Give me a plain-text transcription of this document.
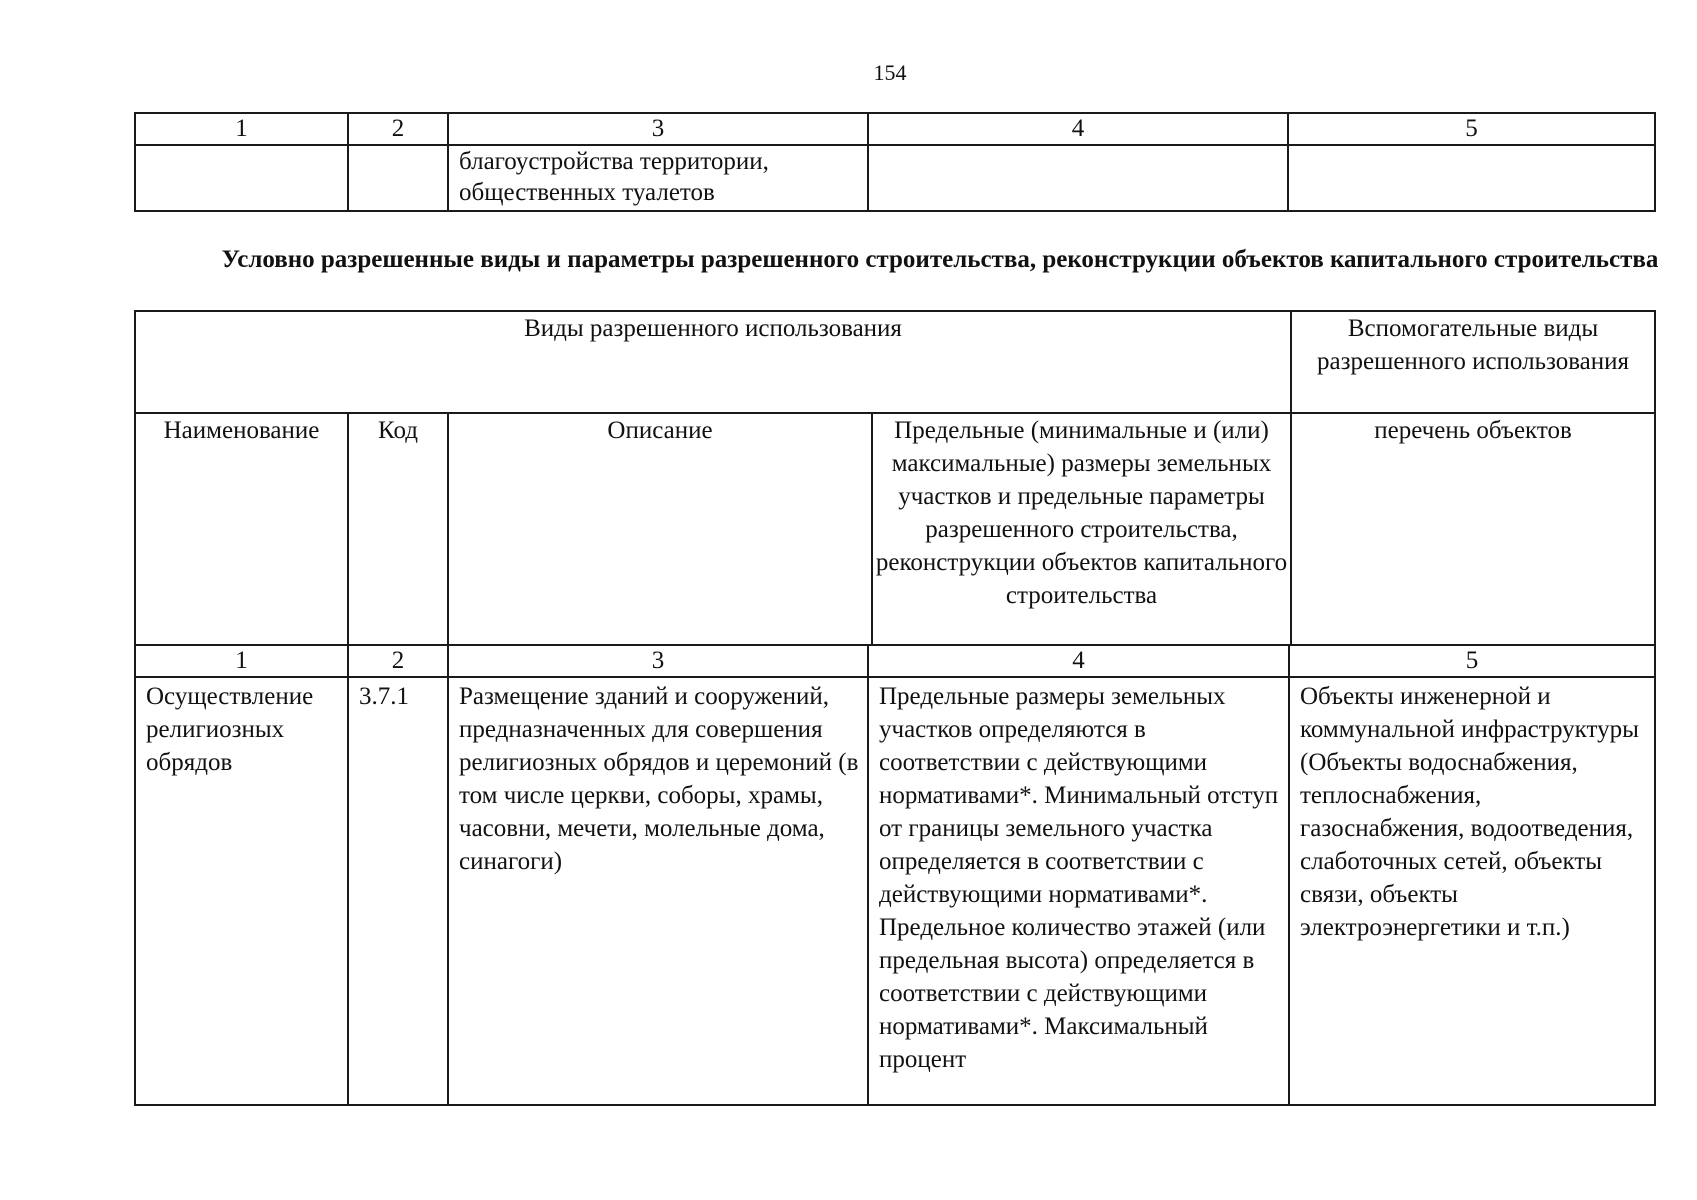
154
1	2	3	4	5
		благоустройства территории, общественных туалетов		
Условно разрешенные виды и параметры разрешенного строительства, реконструкции объектов капитального строительства
Виды разрешенного использования				Вспомогательные виды разрешенного использования
Наименование	Код	Описание	Предельные (минимальные и (или) максимальные) размеры земельных участков и предельные параметры разрешенного строительства, реконструкции объектов капитального строительства	перечень объектов
1	2	3	4	5
Осуществление религиозных обрядов	3.7.1	Размещение зданий и сооружений, предназначенных для совершения религиозных обрядов и церемоний (в том числе церкви, соборы, храмы, часовни, мечети, молельные дома, синагоги)	Предельные размеры земельных участков определяются в соответствии с действующими нормативами*. Минимальный отступ от границы земельного участка определяется в соответствии с действующими нормативами*. Предельное количество этажей (или предельная высота) определяется в соответствии с действующими нормативами*. Максимальный процент	Объекты инженерной и коммунальной инфраструктуры (Объекты водоснабжения, теплоснабжения, газоснабжения, водоотведения, слаботочных сетей, объекты связи, объекты электроэнергетики и т.п.)
